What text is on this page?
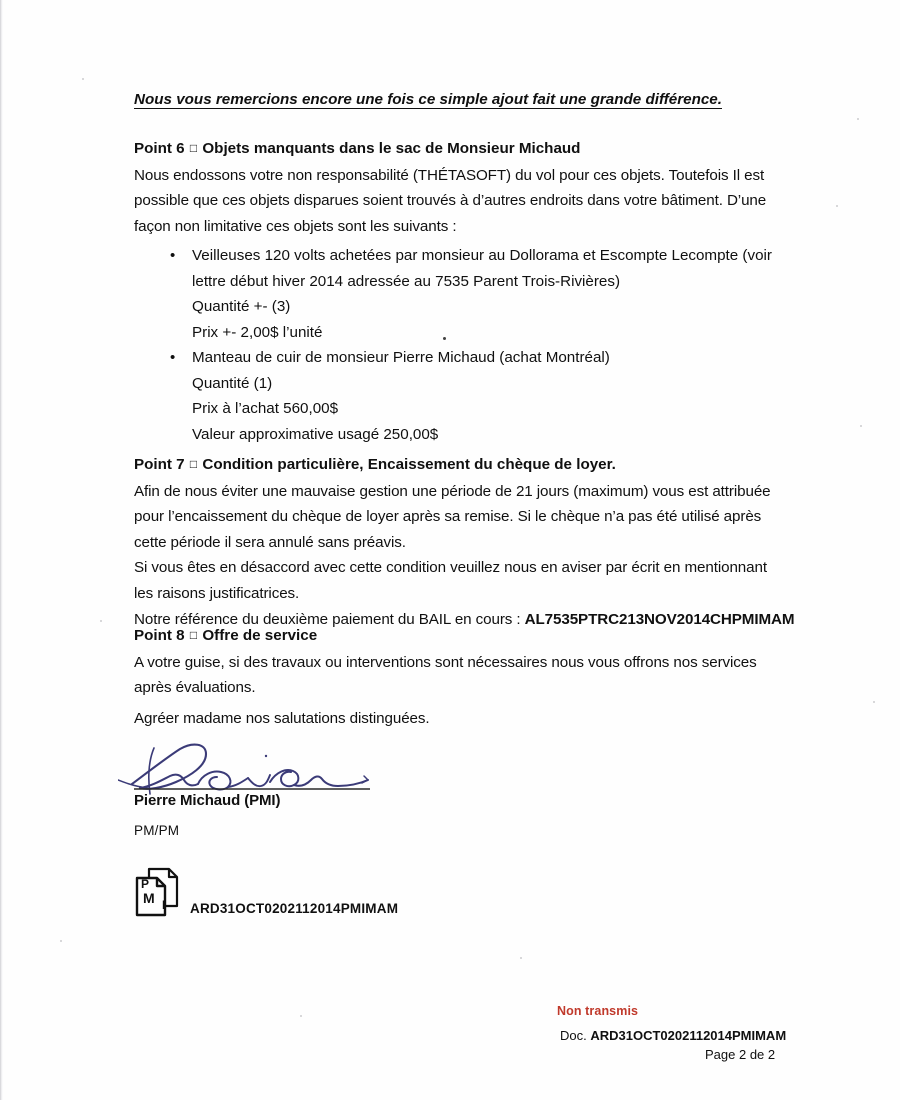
Nous vous remercions encore une fois ce simple ajout fait une grande différence.
Point 6 □ Objets manquants dans le sac de Monsieur Michaud
Nous endossons votre non responsabilité (THÉTASOFT) du vol pour ces objets. Toutefois Il est
possible que ces objets disparues soient trouvés à d’autres endroits dans votre bâtiment. D’une
façon non limitative ces objets sont les suivants :
• Veilleuses 120 volts achetées par monsieur au Dollorama et Escompte Lecompte (voir
lettre début hiver 2014 adressée au 7535 Parent Trois-Rivières)
Quantité +- (3)
Prix +- 2,00$ l’unité
• Manteau de cuir de monsieur Pierre Michaud (achat Montréal)
Quantité (1)
Prix à l’achat 560,00$
Valeur approximative usagé 250,00$
Point 7 □ Condition particulière, Encaissement du chèque de loyer.
Afin de nous éviter une mauvaise gestion une période de 21 jours (maximum) vous est attribuée
pour l’encaissement du chèque de loyer après sa remise. Si le chèque n’a pas été utilisé après
cette période il sera annulé sans préavis.
Si vous êtes en désaccord avec cette condition veuillez nous en aviser par écrit en mentionnant
les raisons justificatrices.
Notre référence du deuxième paiement du BAIL en cours : AL7535PTRC213NOV2014CHPMIMAM
Point 8 □ Offre de service
A votre guise, si des travaux ou interventions sont nécessaires nous vous offrons nos services
après évaluations.
Agréer madame nos salutations distinguées.
Pierre Michaud (PMI)
PM/PM
P
M I ARD31OCT0202112014PMIMAM
Non transmis
Doc. ARD31OCT0202112014PMIMAM
Page 2 de 2
